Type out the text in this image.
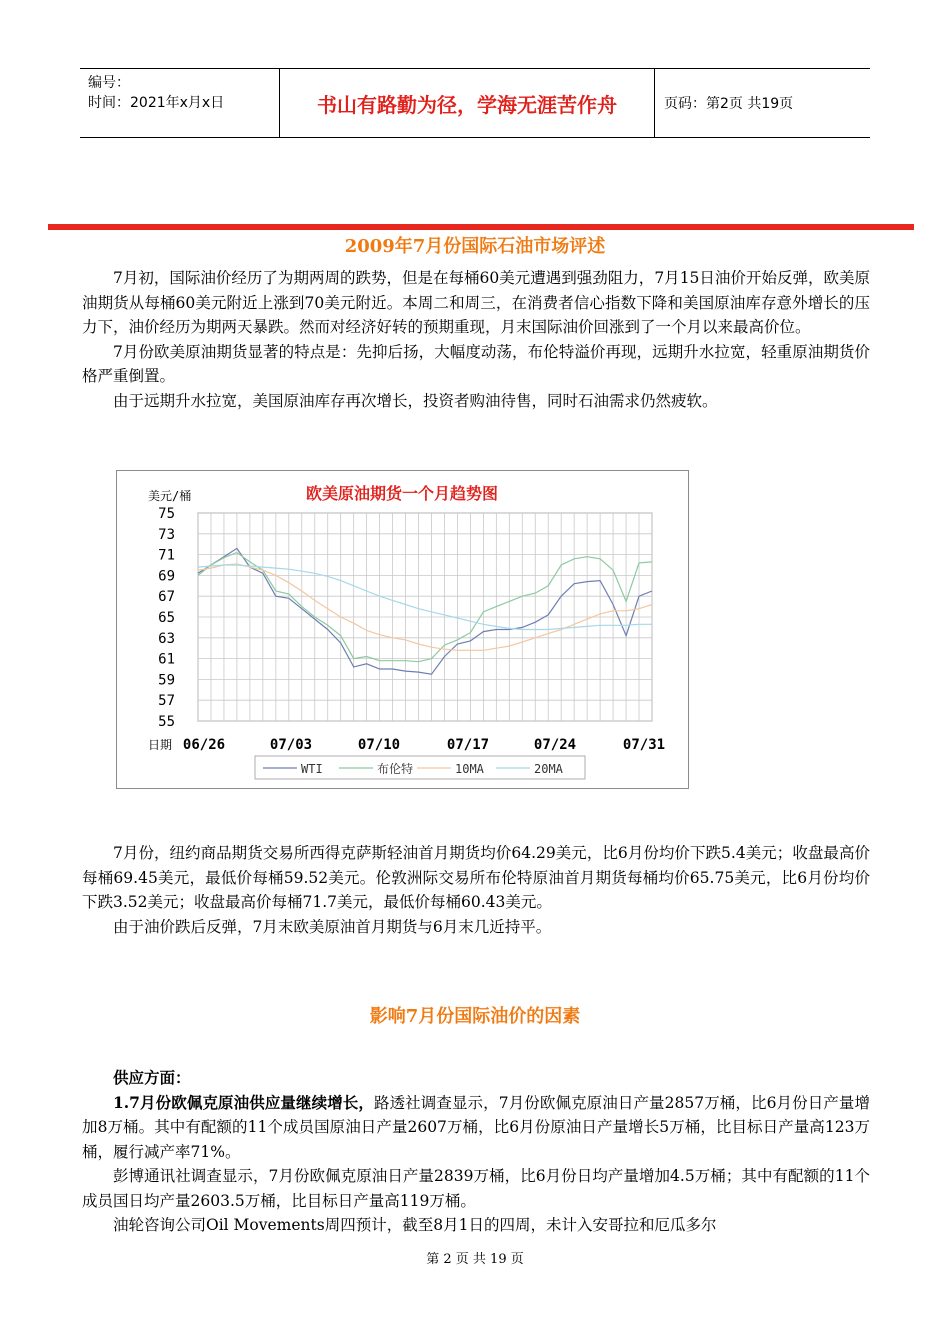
编号：
时间：2021年x月x日	书山有路勤为径，学海无涯苦作舟	页码：第2页 共19页
2009年7月份国际石油市场评述
7月初，国际油价经历了为期两周的跌势，但是在每桶60美元遭遇到强劲阻力，7月15日油价开始反弹，欧美原油期货从每桶60美元附近上涨到70美元附近。本周二和周三，在消费者信心指数下降和美国原油库存意外增长的压力下，油价经历为期两天暴跌。然而对经济好转的预期重现，月末国际油价回涨到了一个月以来最高价位。
7月份欧美原油期货显著的特点是：先抑后扬，大幅度动荡，布伦特溢价再现，远期升水拉宽，轻重原油期货价格严重倒置。
由于远期升水拉宽，美国原油库存再次增长，投资者购油待售，同时石油需求仍然疲软。
美元/桶	欧美原油期货一个月趋势图
日期
75
73
71
69
67
65
63
61
59
57
55
06/26	07/03	07/10	07/17	07/24	07/31
WTI	布伦特	10MA	20MA
7月份，纽约商品期货交易所西得克萨斯轻油首月期货均价64.29美元，比6月份均价下跌5.4美元；收盘最高价每桶69.45美元，最低价每桶59.52美元。伦敦洲际交易所布伦特原油首月期货每桶均价65.75美元，比6月份均价下跌3.52美元；收盘最高价每桶71.7美元，最低价每桶60.43美元。
由于油价跌后反弹，7月末欧美原油首月期货与6月末几近持平。
影响7月份国际油价的因素
供应方面：
1.7月份欧佩克原油供应量继续增长，路透社调查显示，7月份欧佩克原油日产量2857万桶，比6月份日产量增加8万桶。其中有配额的11个成员国原油日产量2607万桶，比6月份原油日产量增长5万桶，比目标日产量高123万桶，履行减产率71%。
彭博通讯社调查显示，7月份欧佩克原油日产量2839万桶，比6月份日均产量增加4.5万桶；其中有配额的11个成员国日均产量2603.5万桶，比目标日产量高119万桶。
油轮咨询公司Oil Movements周四预计，截至8月1日的四周，未计入安哥拉和厄瓜多尔
第 2 页 共 19 页
